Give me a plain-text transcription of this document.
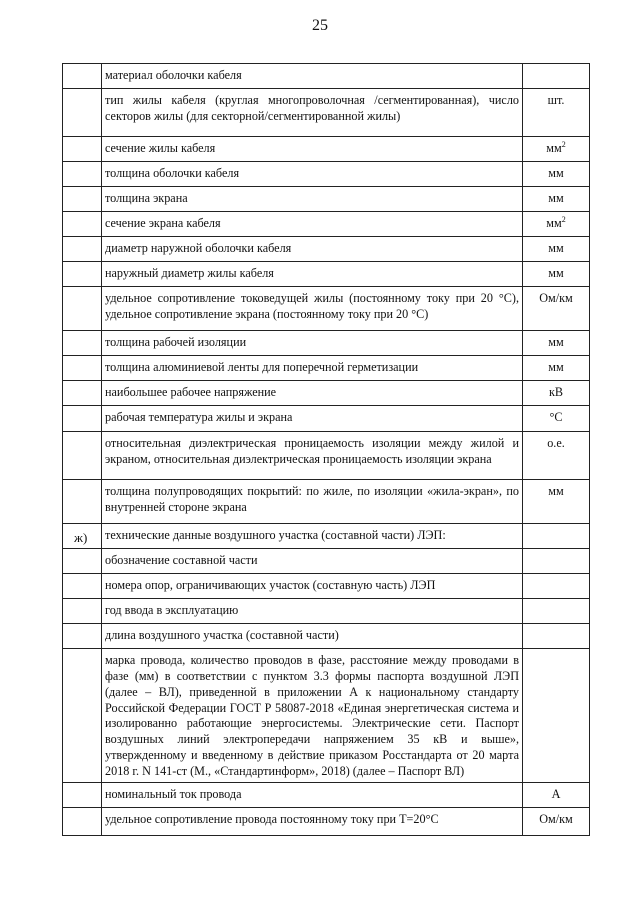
25
	материал оболочки кабеля	

	тип жилы кабеля (круглая многопроволочная /сегментированная), число секторов жилы (для секторной/сегментированной жилы)	шт.

	сечение жилы кабеля	$мм^2$

	толщина оболочки кабеля	мм

	толщина экрана	мм

	сечение экрана кабеля	$мм^2$

	диаметр наружной оболочки кабеля	мм

	наружный диаметр жилы кабеля	мм

	удельное сопротивление токоведущей жилы (постоянному току при 20 °С), удельное сопротивление экрана (постоянному току при 20 °С)	Ом/км

	толщина рабочей изоляции	мм

	толщина алюминиевой ленты для поперечной герметизации	мм

	наибольшее рабочее напряжение	кВ

	рабочая температура жилы и экрана	°С

	относительная диэлектрическая проницаемость изоляции между жилой и экраном, относительная диэлектрическая проницаемость изоляции экрана	о.е.

	толщина полупроводящих покрытий: по жиле, по изоляции «жила-экран», по внутренней стороне экрана	мм

ж)	технические данные воздушного участка (составной части) ЛЭП:	

	обозначение составной части	

	номера опор, ограничивающих участок (составную часть) ЛЭП	

	год ввода в эксплуатацию	

	длина воздушного участка (составной части)	

	марка провода, количество проводов в фазе, расстояние между проводами в фазе (мм) в соответствии с пунктом 3.3 формы паспорта воздушной ЛЭП (далее – ВЛ), приведенной в приложении А к национальному стандарту Российской Федерации ГОСТ Р 58087-2018 «Единая энергетическая система и изолированно работающие энергосистемы. Электрические сети. Паспорт воздушных линий электропередачи напряжением 35 кВ и выше», утвержденному и введенному в действие приказом Росстандарта от 20 марта 2018 г. N 141-ст (М., «Стандартинформ», 2018) (далее – Паспорт ВЛ)	

	номинальный ток провода	А

	удельное сопротивление провода постоянному току при Т=20°С	Ом/км
